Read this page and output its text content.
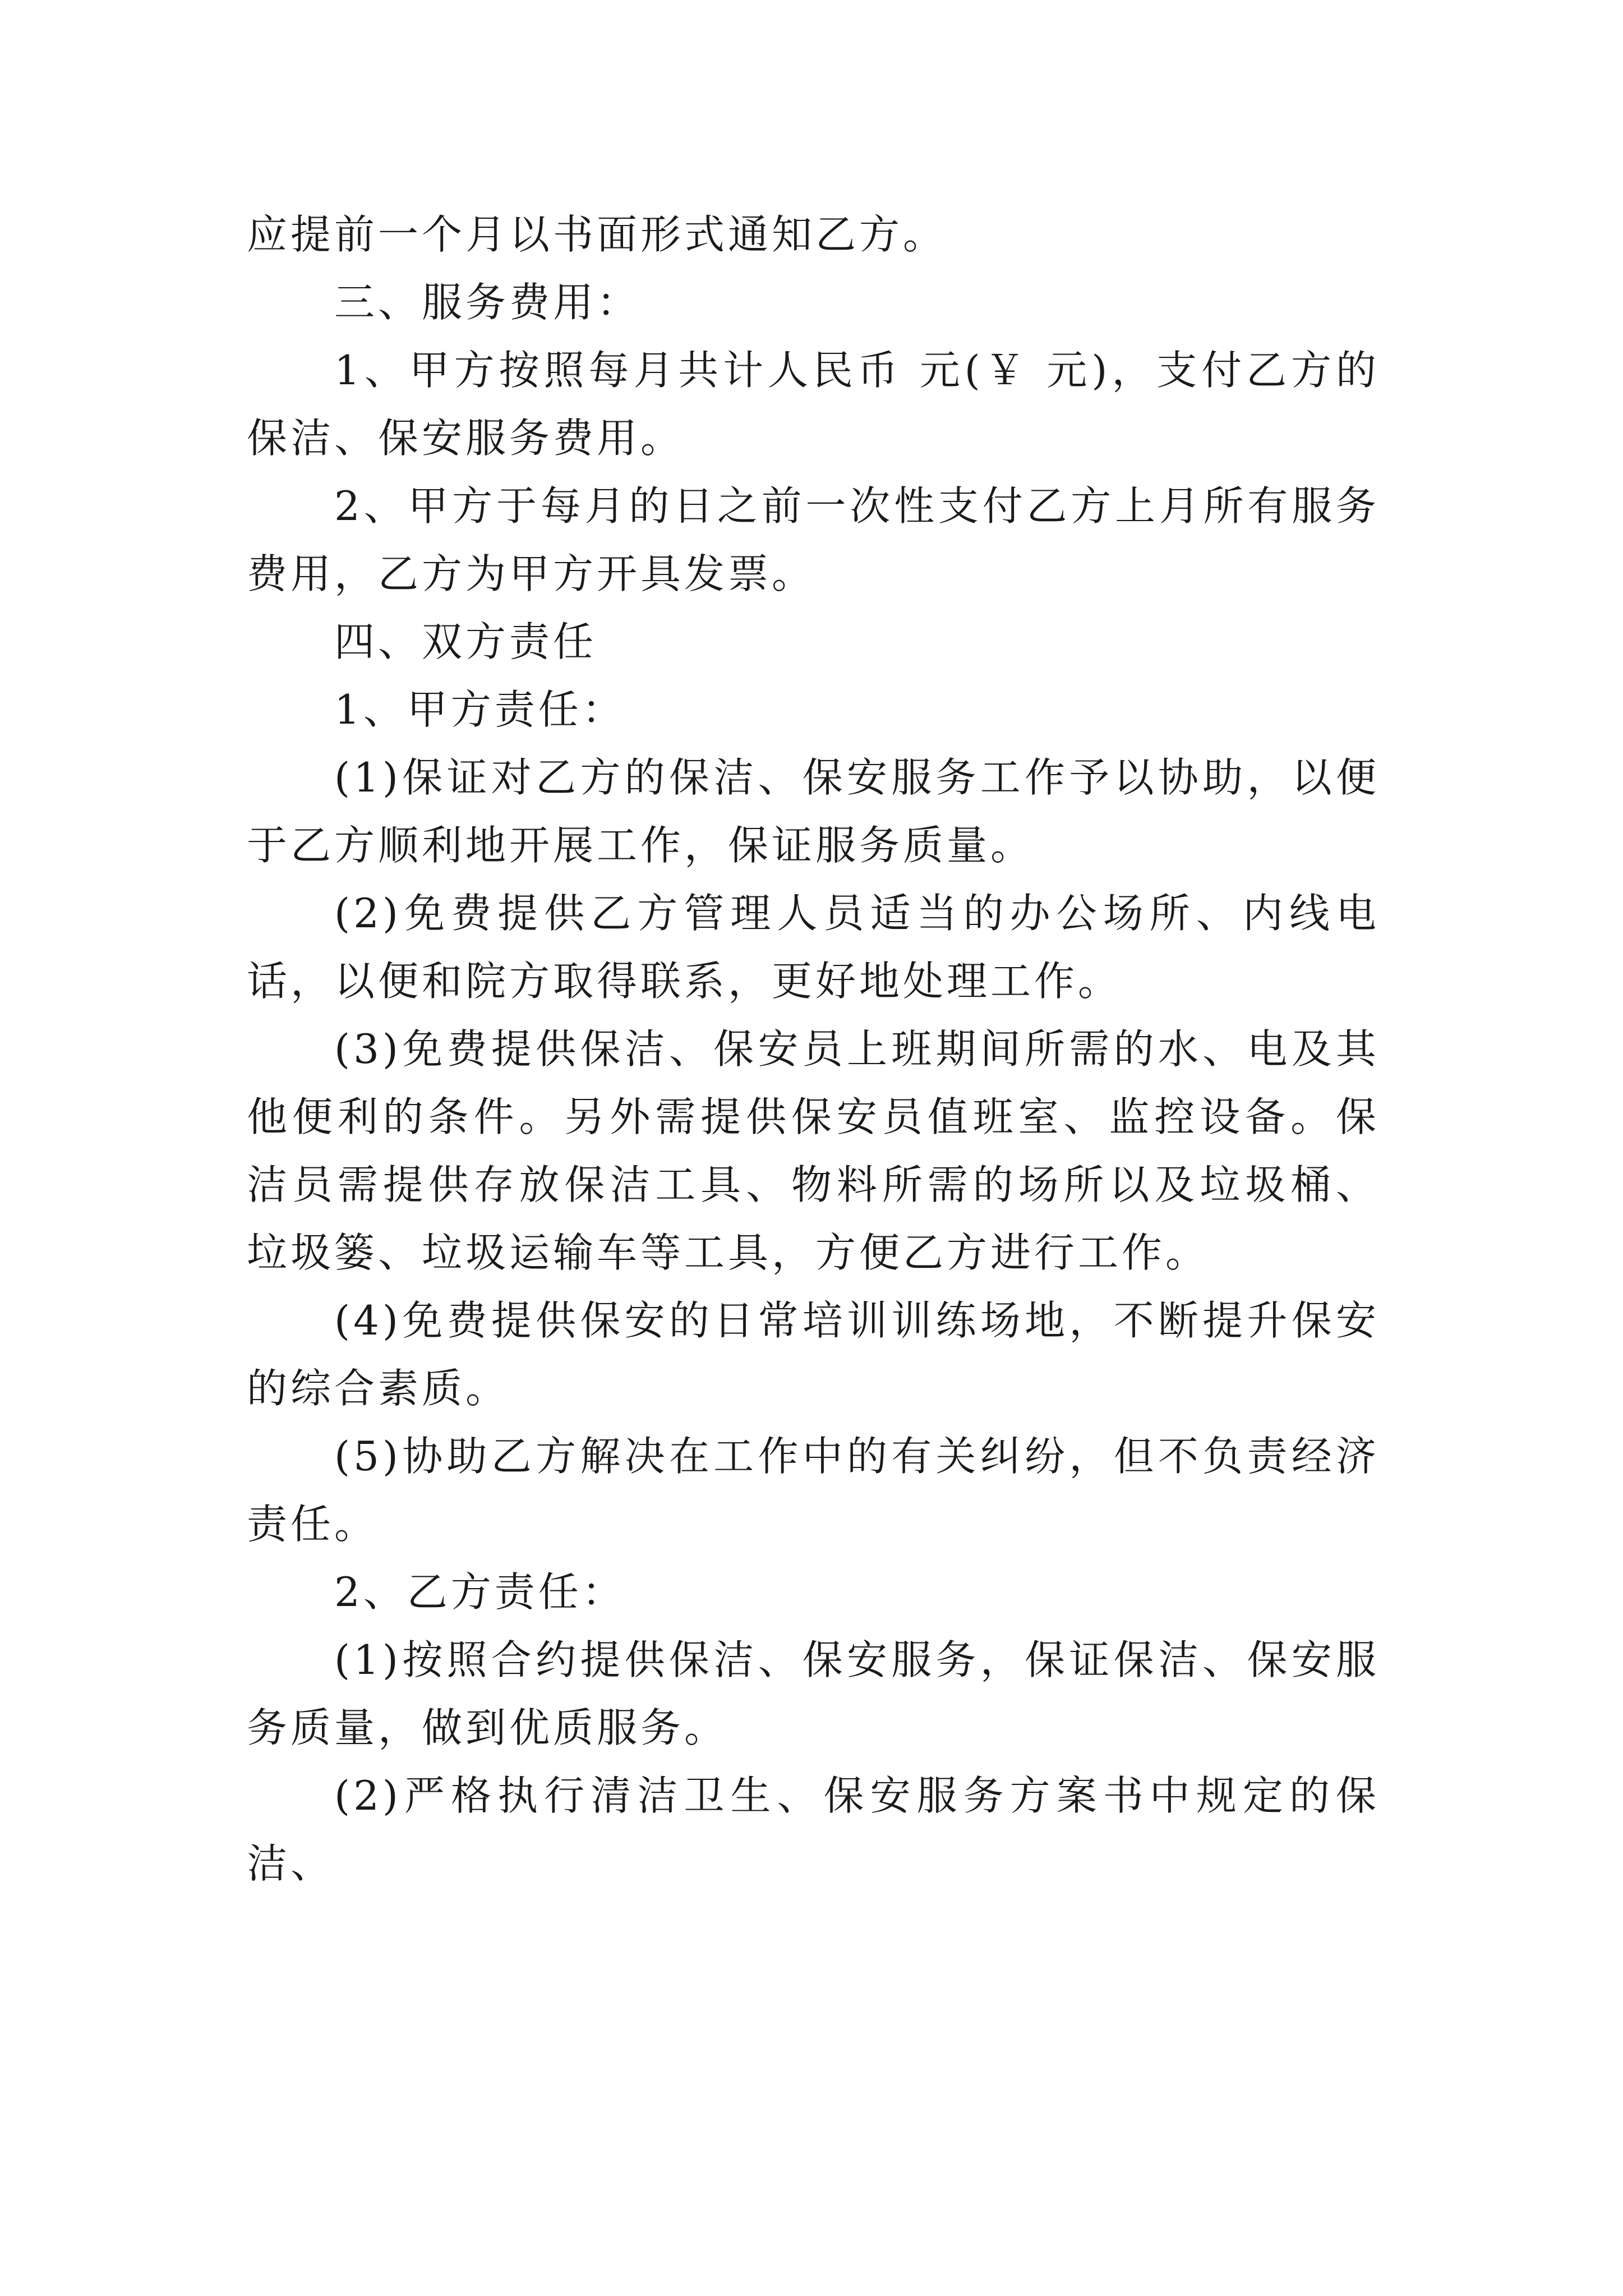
应提前一个月以书面形式通知乙方。

三、服务费用：

1、甲方按照每月共计人民币 元(￥ 元)，支付乙方的保洁、保安服务费用。

2、甲方于每月的日之前一次性支付乙方上月所有服务费用，乙方为甲方开具发票。

四、双方责任

1、甲方责任：

(1)保证对乙方的保洁、保安服务工作予以协助，以便于乙方顺利地开展工作，保证服务质量。

(2)免费提供乙方管理人员适当的办公场所、内线电话，以便和院方取得联系，更好地处理工作。

(3)免费提供保洁、保安员上班期间所需的水、电及其他便利的条件。另外需提供保安员值班室、监控设备。保洁员需提供存放保洁工具、物料所需的场所以及垃圾桶、垃圾篓、垃圾运输车等工具，方便乙方进行工作。

(4)免费提供保安的日常培训训练场地，不断提升保安的综合素质。

(5)协助乙方解决在工作中的有关纠纷，但不负责经济责任。

2、乙方责任：

(1)按照合约提供保洁、保安服务，保证保洁、保安服务质量，做到优质服务。

(2)严格执行清洁卫生、保安服务方案书中规定的保洁、
